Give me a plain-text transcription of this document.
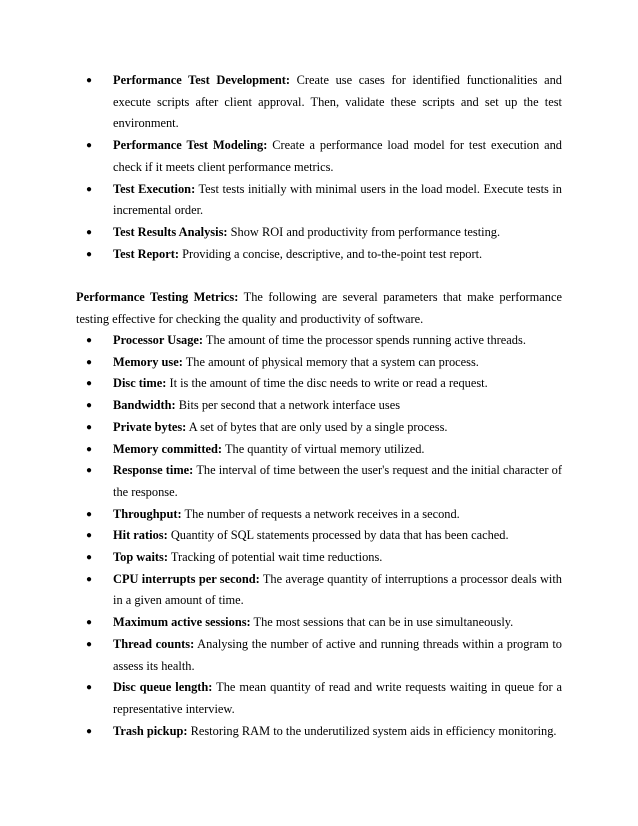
● Performance Test Development: Create use cases for identified functionalities and execute scripts after client approval. Then, validate these scripts and set up the test environment.
● Performance Test Modeling: Create a performance load model for test execution and check if it meets client performance metrics.
● Test Execution: Test tests initially with minimal users in the load model. Execute tests in incremental order.
● Test Results Analysis: Show ROI and productivity from performance testing.
● Test Report: Providing a concise, descriptive, and to-the-point test report.

Performance Testing Metrics: The following are several parameters that make performance testing effective for checking the quality and productivity of software.

● Processor Usage: The amount of time the processor spends running active threads.
● Memory use: The amount of physical memory that a system can process.
● Disc time: It is the amount of time the disc needs to write or read a request.
● Bandwidth: Bits per second that a network interface uses
● Private bytes: A set of bytes that are only used by a single process.
● Memory committed: The quantity of virtual memory utilized.
● Response time: The interval of time between the user's request and the initial character of the response.
● Throughput: The number of requests a network receives in a second.
● Hit ratios: Quantity of SQL statements processed by data that has been cached.
● Top waits: Tracking of potential wait time reductions.
● CPU interrupts per second: The average quantity of interruptions a processor deals with in a given amount of time.
● Maximum active sessions: The most sessions that can be in use simultaneously.
● Thread counts: Analysing the number of active and running threads within a program to assess its health.
● Disc queue length: The mean quantity of read and write requests waiting in queue for a representative interview.
● Trash pickup: Restoring RAM to the underutilized system aids in efficiency monitoring.
